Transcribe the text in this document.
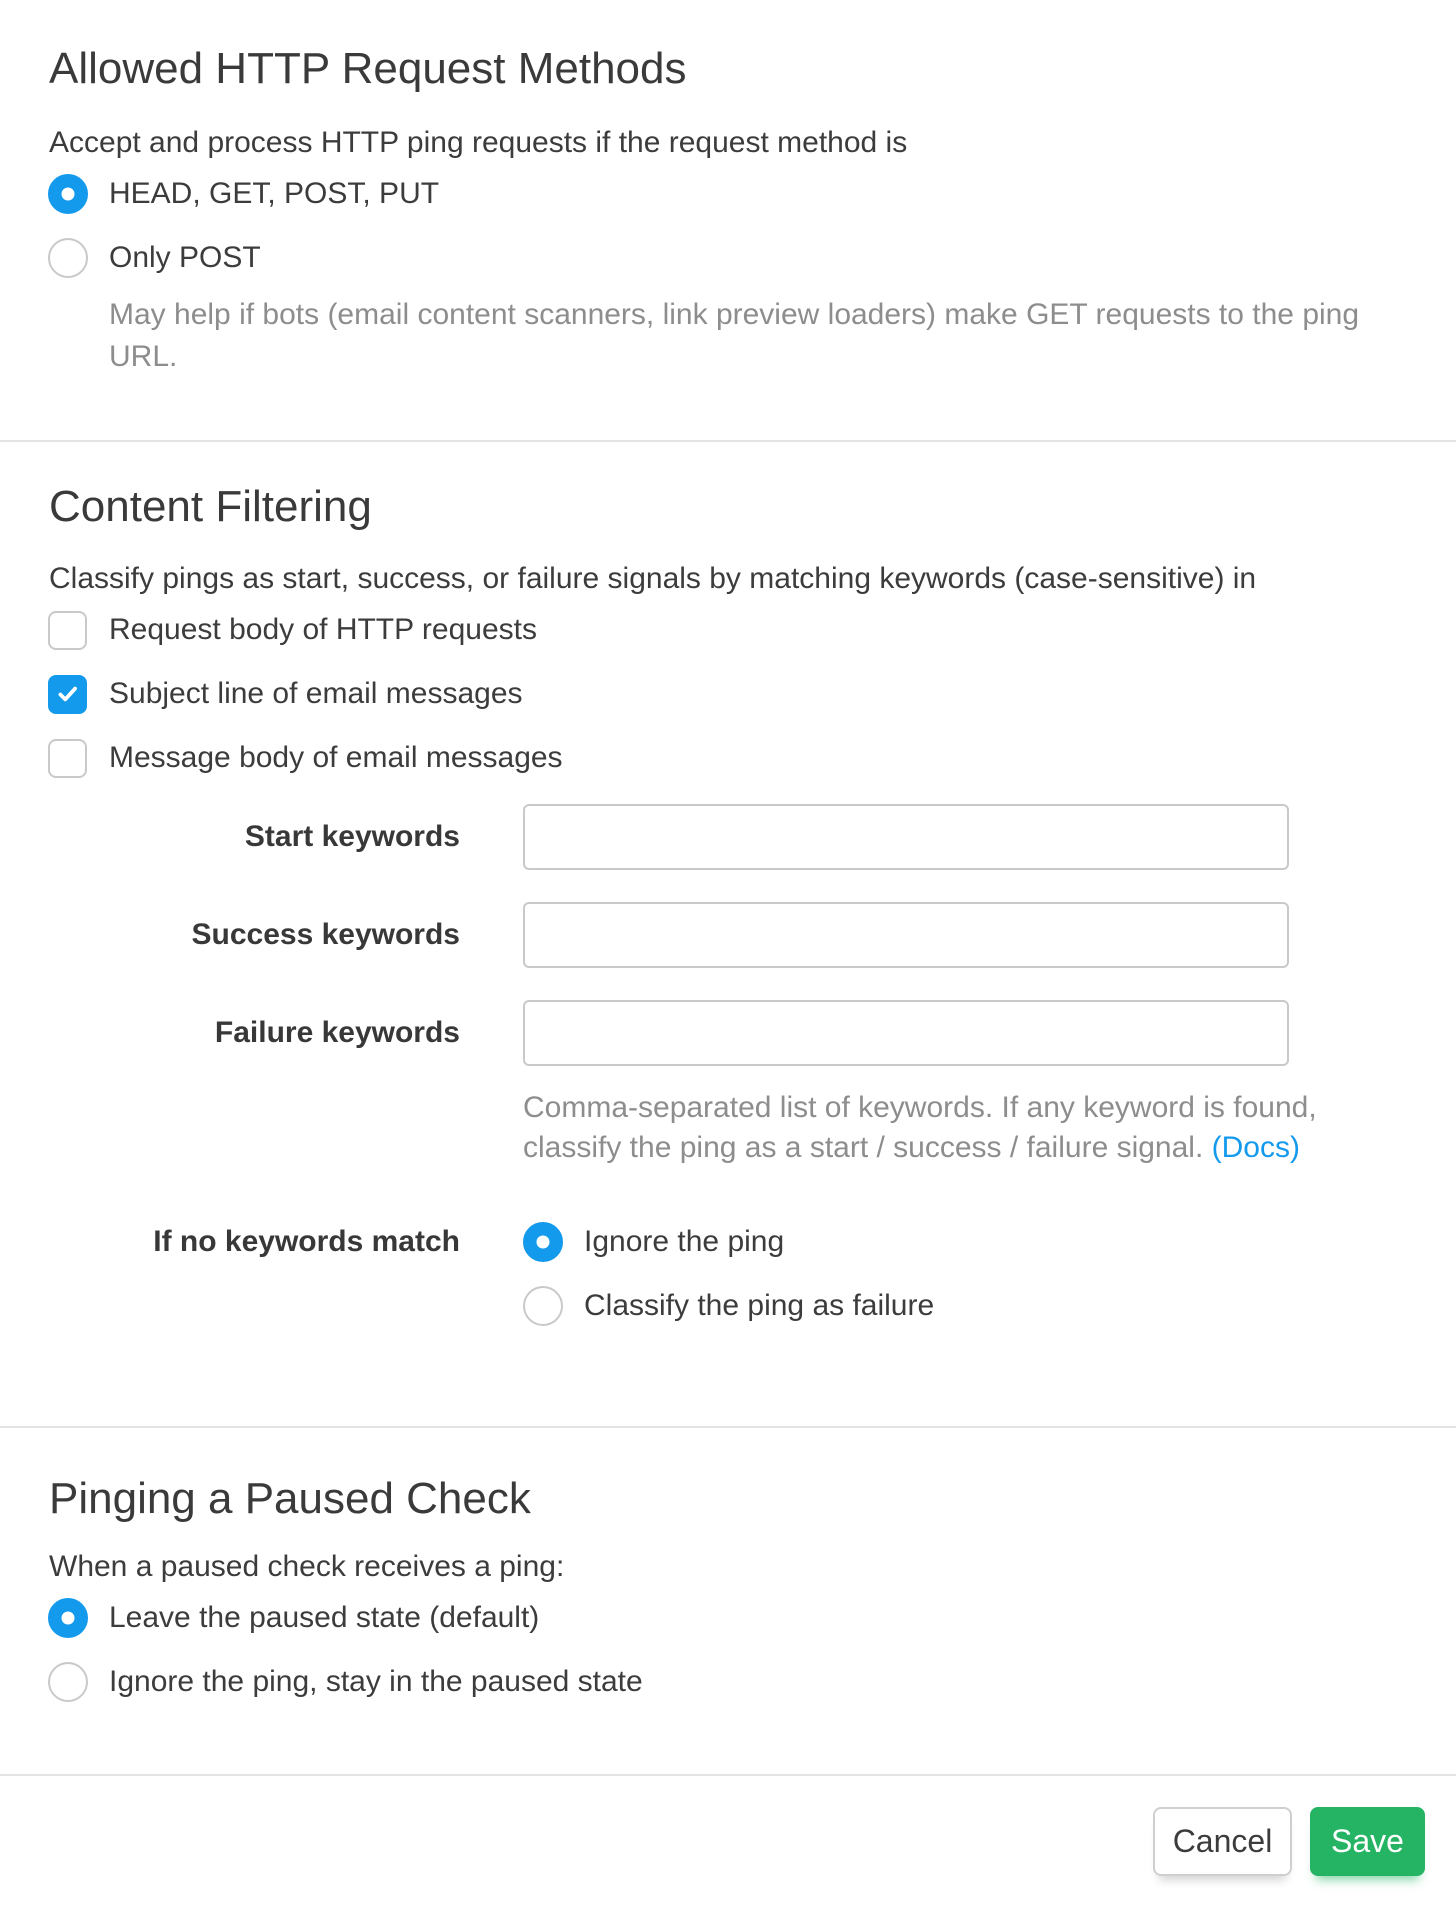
Allowed HTTP Request Methods

Accept and process HTTP ping requests if the request method is

HEAD, GET, POST, PUT
Only POST
May help if bots (email content scanners, link preview loaders) make GET requests to the ping URL.
Content Filtering

Classify pings as start, success, or failure signals by matching keywords (case-sensitive) in

Request body of HTTP requests
Subject line of email messages
Message body of email messages
Start keywords
Success keywords
Failure keywords
Comma-separated list of keywords. If any keyword is found,
classify the ping as a start / success / failure signal. (Docs)
If no keywords match	Ignore the ping
Classify the ping as failure
Pinging a Paused Check

When a paused check receives a ping:

Leave the paused state (default)
Ignore the ping, stay in the paused state
Cancel	Save
